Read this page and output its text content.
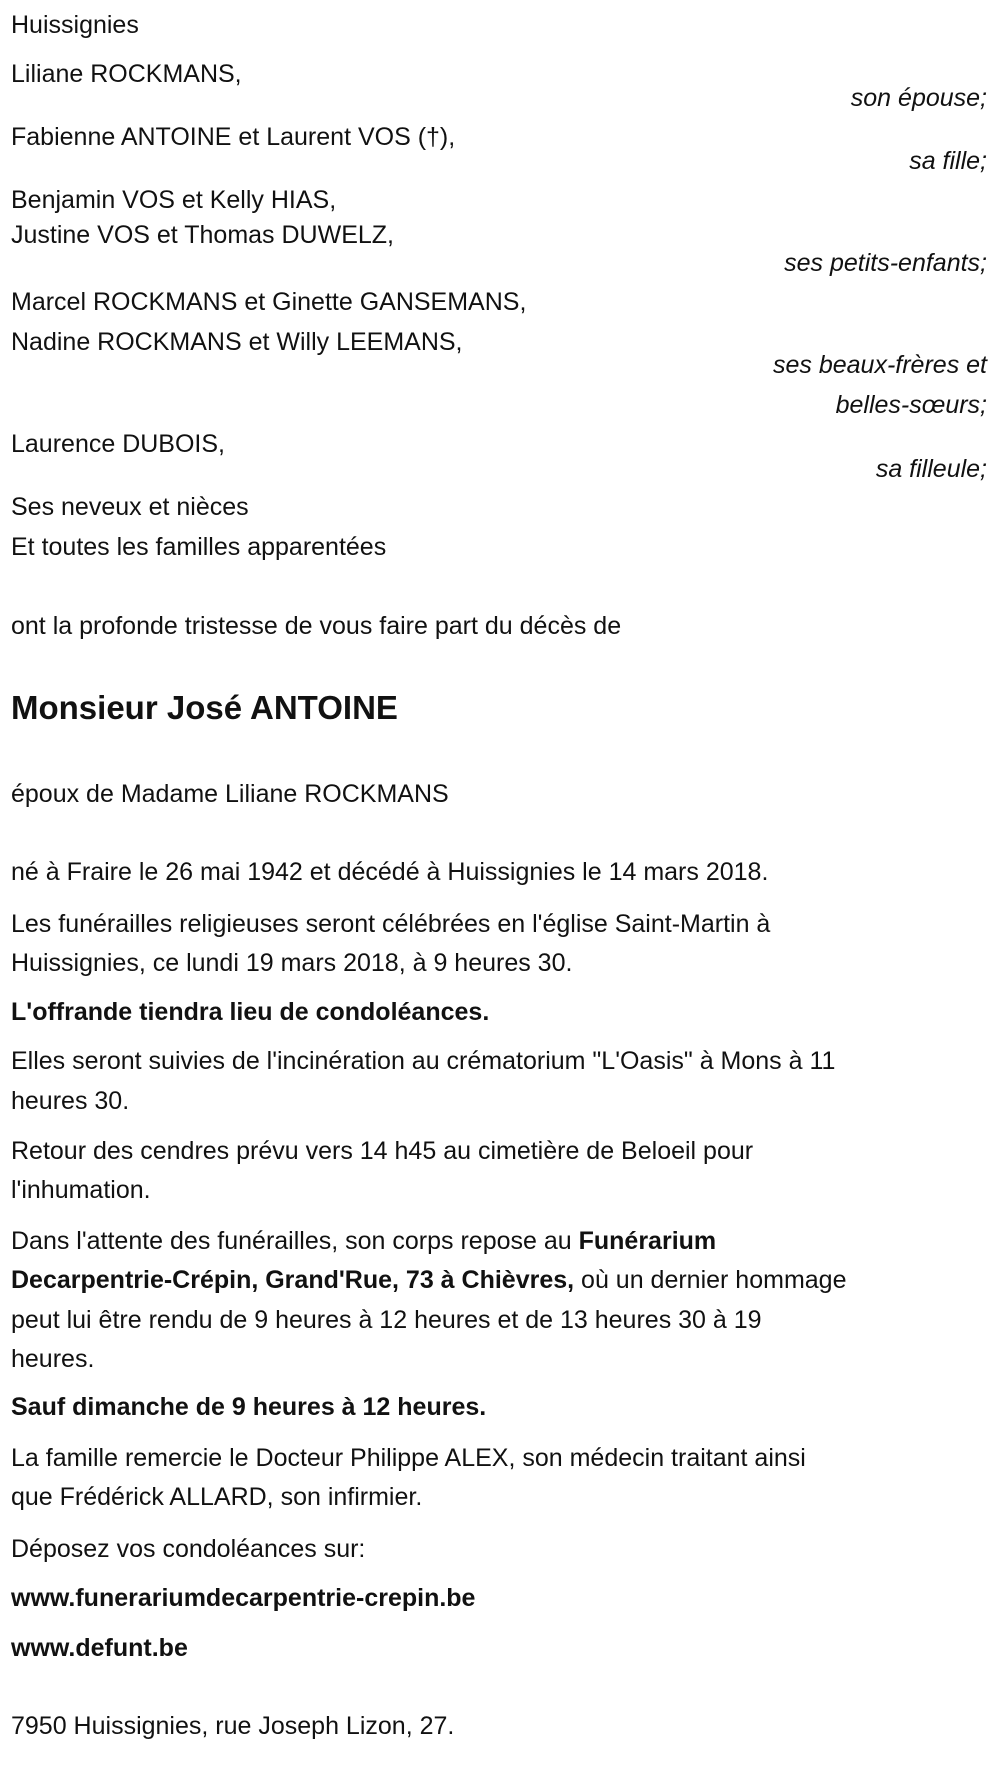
Huissignies
Liliane ROCKMANS,
son épouse;
Fabienne ANTOINE et Laurent VOS (†),
sa fille;
Benjamin VOS et Kelly HIAS,
Justine VOS et Thomas DUWELZ,
ses petits-enfants;
Marcel ROCKMANS et Ginette GANSEMANS,
Nadine ROCKMANS et Willy LEEMANS,
ses beaux-frères et
belles-sœurs;
Laurence DUBOIS,
sa filleule;
Ses neveux et nièces
Et toutes les familles apparentées
ont la profonde tristesse de vous faire part du décès de
Monsieur José ANTOINE
époux de Madame Liliane ROCKMANS
né à Fraire le 26 mai 1942 et décédé à Huissignies le 14 mars 2018.
Les funérailles religieuses seront célébrées en l'église Saint-Martin à
Huissignies, ce lundi 19 mars 2018, à 9 heures 30.
L'offrande tiendra lieu de condoléances.
Elles seront suivies de l'incinération au crématorium "L'Oasis" à Mons à 11
heures 30.
Retour des cendres prévu vers 14 h45 au cimetière de Beloeil pour
l'inhumation.
Dans l'attente des funérailles, son corps repose au Funérarium
Decarpentrie-Crépin, Grand'Rue, 73 à Chièvres, où un dernier hommage
peut lui être rendu de 9 heures à 12 heures et de 13 heures 30 à 19
heures.
Sauf dimanche de 9 heures à 12 heures.
La famille remercie le Docteur Philippe ALEX, son médecin traitant ainsi
que Frédérick ALLARD, son infirmier.
Déposez vos condoléances sur:
www.funerariumdecarpentrie-crepin.be
www.defunt.be
7950 Huissignies, rue Joseph Lizon, 27.
